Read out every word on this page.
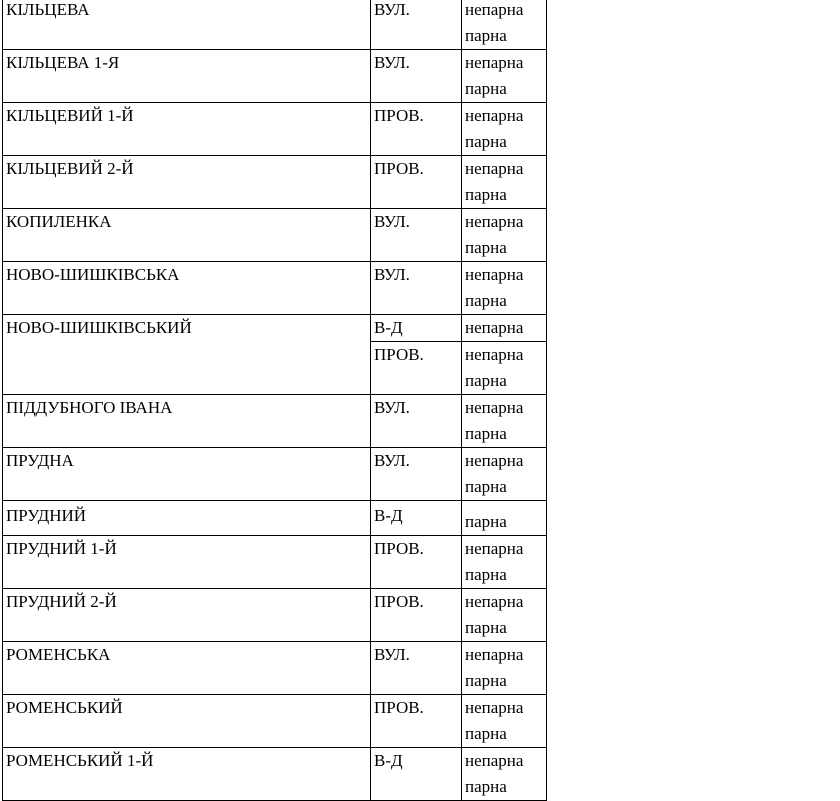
КІЛЬЦЕВА	ВУЛ.	непарна
парна

КІЛЬЦЕВА 1-Я	ВУЛ.	непарна
парна

КІЛЬЦЕВИЙ 1-Й	ПРОВ.	непарна
парна

КІЛЬЦЕВИЙ 2-Й	ПРОВ.	непарна
парна

КОПИЛЕНКА	ВУЛ.	непарна
парна

НОВО-ШИШКІВСЬКА	ВУЛ.	непарна
парна

НОВО-ШИШКІВСЬКИЙ	В-Д	непарна

	ПРОВ.	непарна
парна

ПІДДУБНОГО ІВАНА	ВУЛ.	непарна
парна

ПРУДНА	ВУЛ.	непарна
парна

ПРУДНИЙ	В-Д	парна

ПРУДНИЙ 1-Й	ПРОВ.	непарна
парна

ПРУДНИЙ 2-Й	ПРОВ.	непарна
парна

РОМЕНСЬКА	ВУЛ.	непарна
парна

РОМЕНСЬКИЙ	ПРОВ.	непарна
парна

РОМЕНСЬКИЙ 1-Й	В-Д	непарна
парна
